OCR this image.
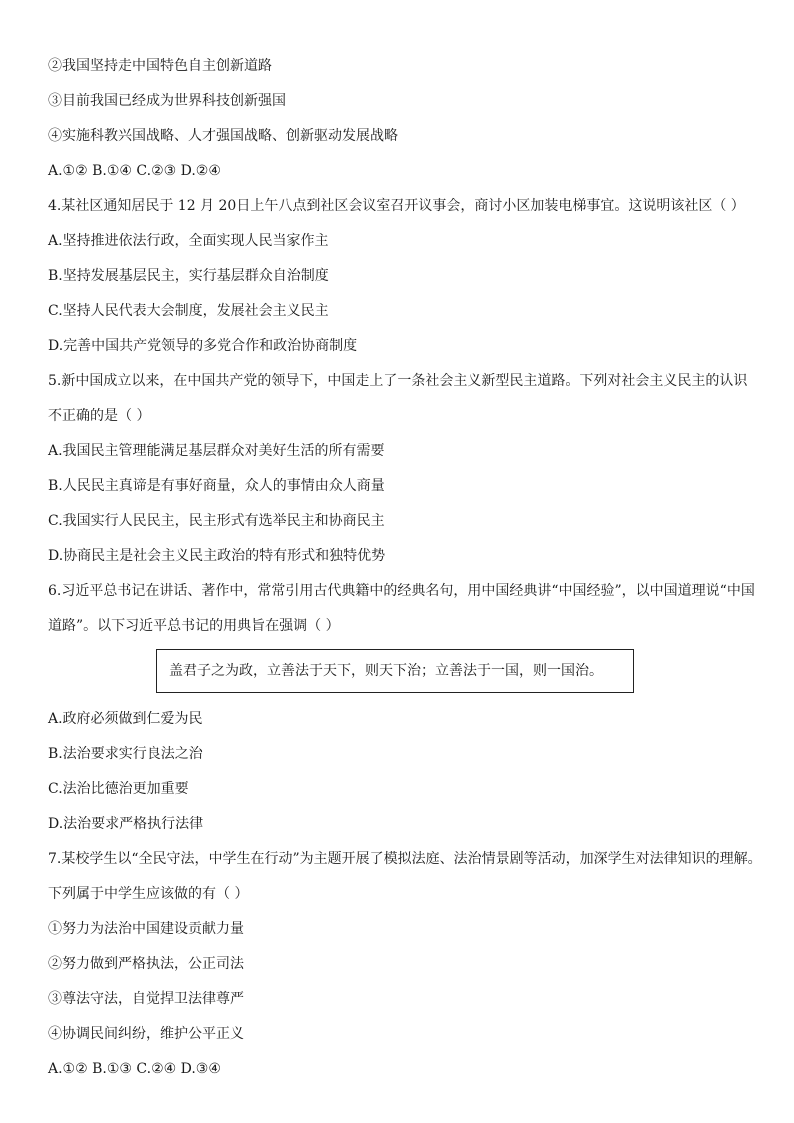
②我国坚持走中国特色自主创新道路
③目前我国已经成为世界科技创新强国
④实施科教兴国战略、人才强国战略、创新驱动发展战略
A.①② B.①④ C.②③ D.②④
4.某社区通知居民于 12 月 20日上午八点到社区会议室召开议事会，商讨小区加装电梯事宜。这说明该社区（ ）
A.坚持推进依法行政，全面实现人民当家作主
B.坚持发展基层民主，实行基层群众自治制度
C.坚持人民代表大会制度，发展社会主义民主
D.完善中国共产党领导的多党合作和政治协商制度
5.新中国成立以来，在中国共产党的领导下，中国走上了一条社会主义新型民主道路。下列对社会主义民主的认识
不正确的是（ ）
A.我国民主管理能满足基层群众对美好生活的所有需要
B.人民民主真谛是有事好商量，众人的事情由众人商量
C.我国实行人民民主，民主形式有选举民主和协商民主
D.协商民主是社会主义民主政治的特有形式和独特优势
6.习近平总书记在讲话、著作中，常常引用古代典籍中的经典名句，用中国经典讲“中国经验”，以中国道理说“中国
道路”。以下习近平总书记的用典旨在强调（ ）
盖君子之为政，立善法于天下，则天下治；立善法于一国，则一国治。
A.政府必须做到仁爱为民
B.法治要求实行良法之治
C.法治比德治更加重要
D.法治要求严格执行法律
7.某校学生以“全民守法，中学生在行动”为主题开展了模拟法庭、法治情景剧等活动，加深学生对法律知识的理解。
下列属于中学生应该做的有（ ）
①努力为法治中国建设贡献力量
②努力做到严格执法，公正司法
③尊法守法，自觉捍卫法律尊严
④协调民间纠纷，维护公平正义
A.①② B.①③ C.②④ D.③④
